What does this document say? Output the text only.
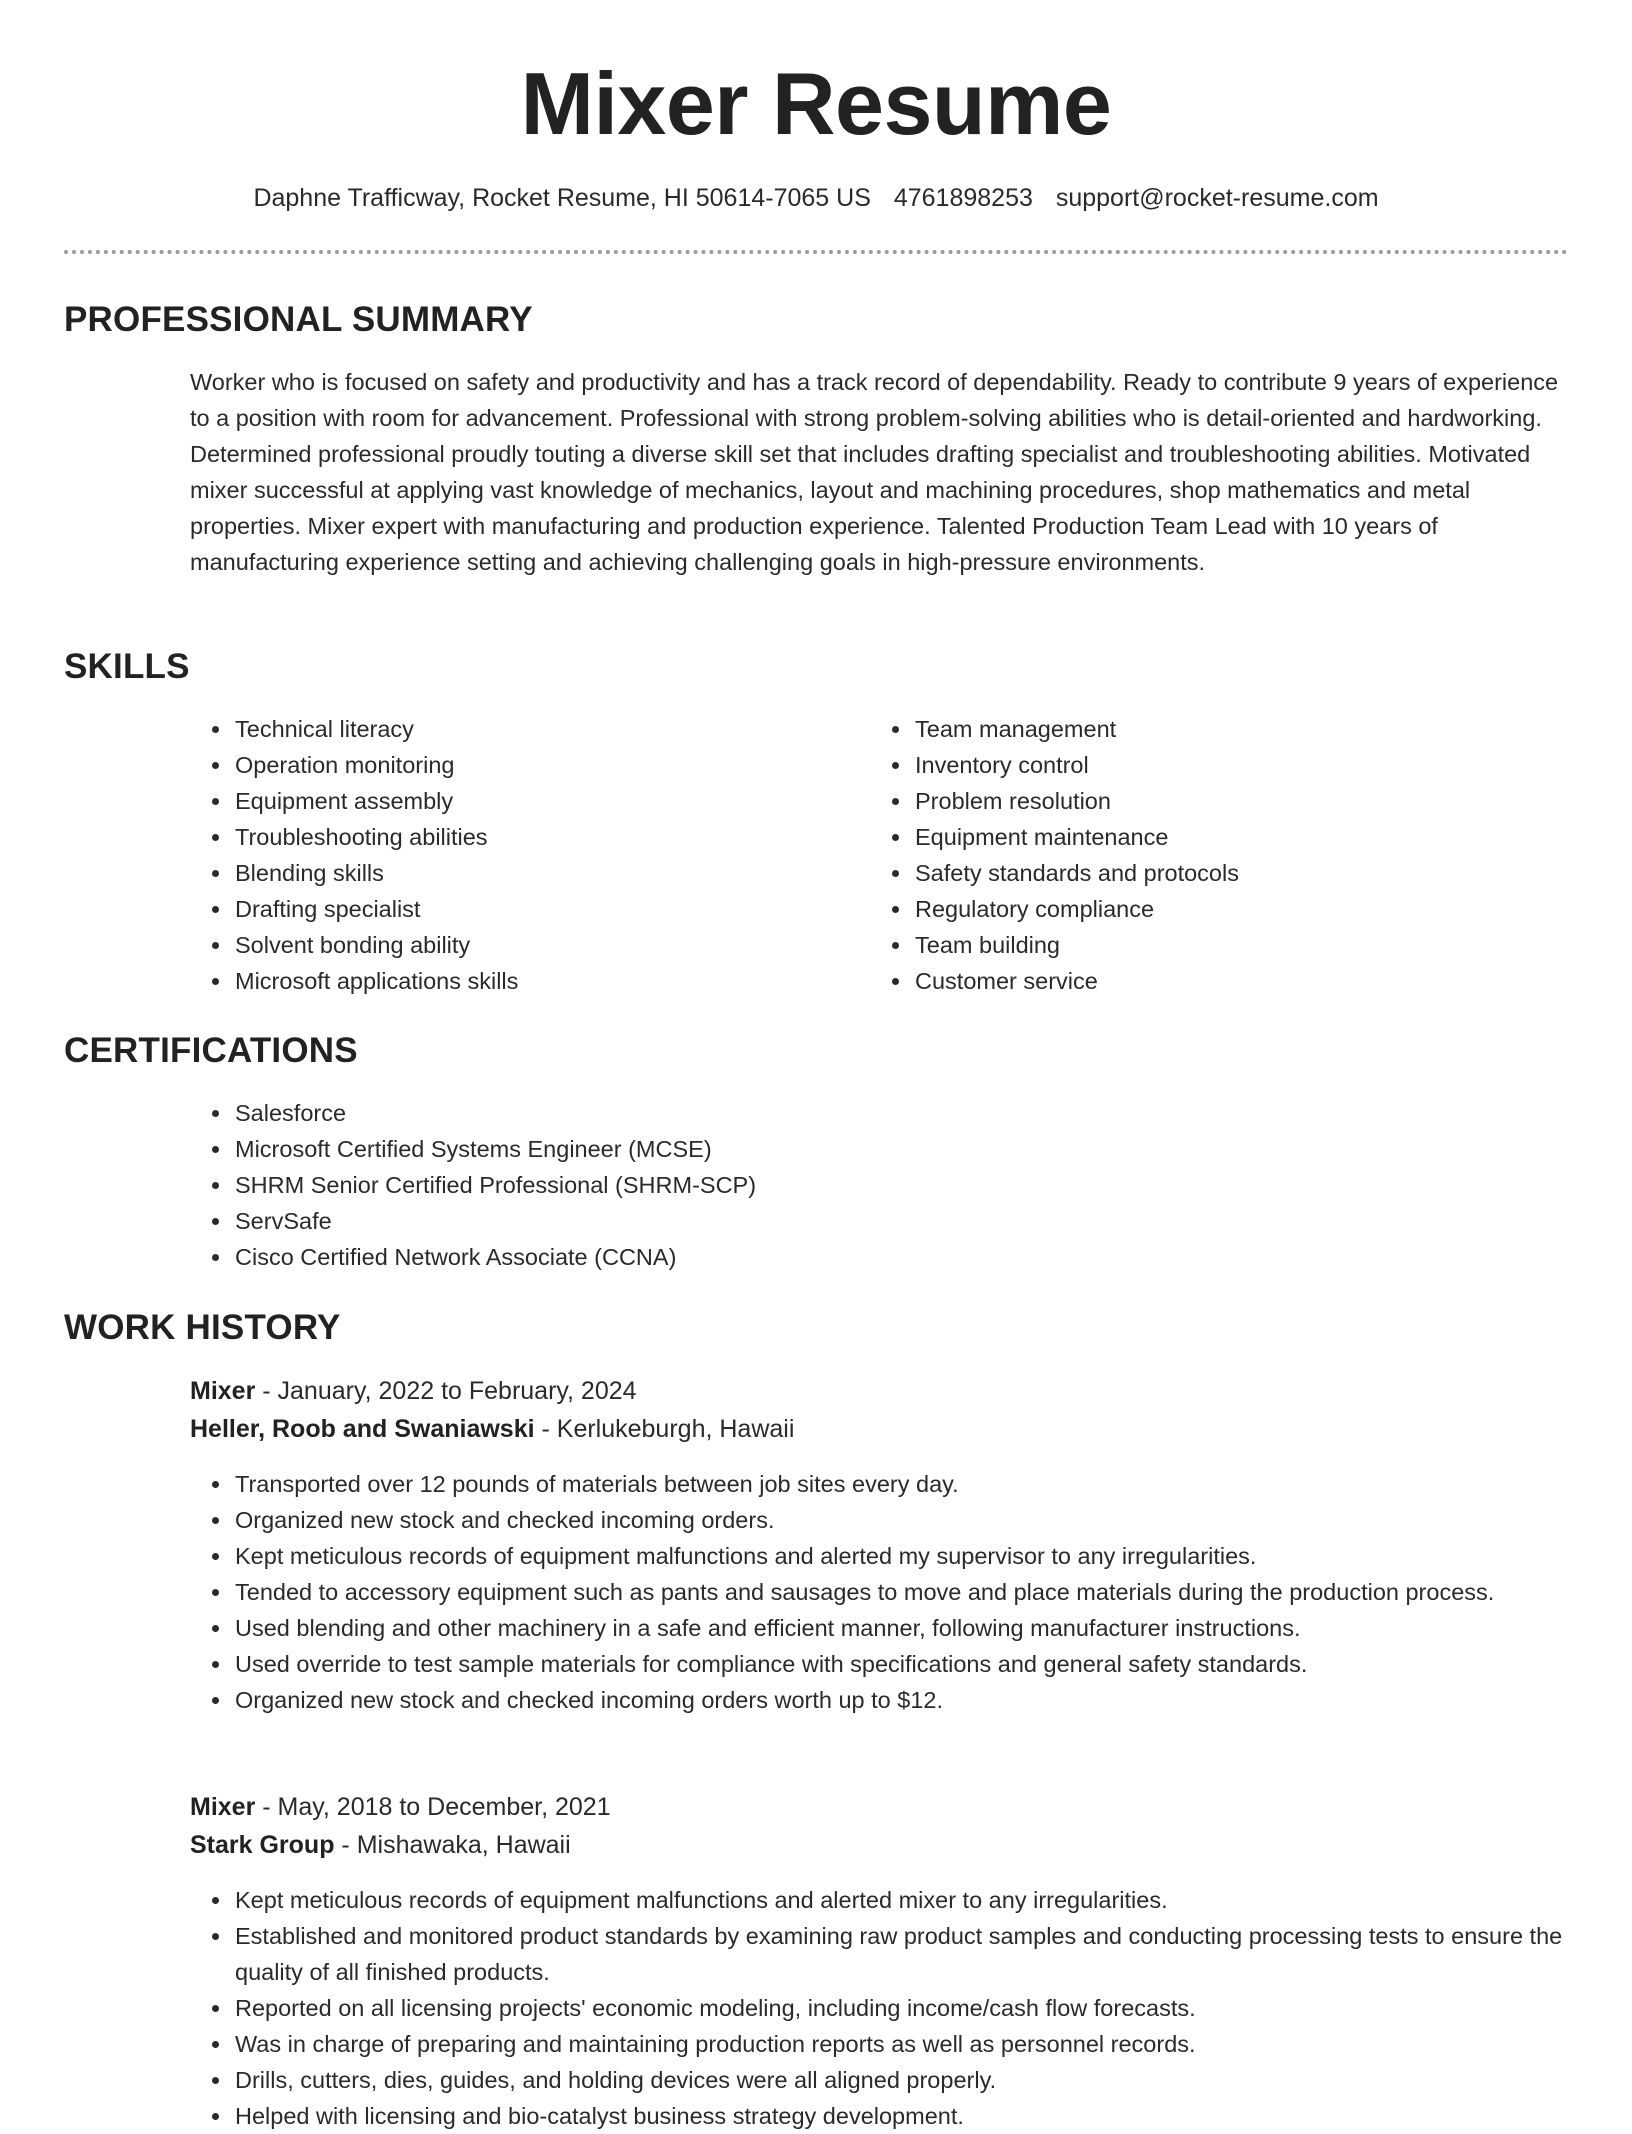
Mixer Resume
Daphne Trafficway, Rocket Resume, HI 50614-7065 US 4761898253 support@rocket-resume.com
PROFESSIONAL SUMMARY
Worker who is focused on safety and productivity and has a track record of dependability. Ready to contribute 9 years of experience to a position with room for advancement. Professional with strong problem-solving abilities who is detail-oriented and hardworking. Determined professional proudly touting a diverse skill set that includes drafting specialist and troubleshooting abilities. Motivated mixer successful at applying vast knowledge of mechanics, layout and machining procedures, shop mathematics and metal properties. Mixer expert with manufacturing and production experience. Talented Production Team Lead with 10 years of manufacturing experience setting and achieving challenging goals in high-pressure environments.
SKILLS
• Technical literacy
• Operation monitoring
• Equipment assembly
• Troubleshooting abilities
• Blending skills
• Drafting specialist
• Solvent bonding ability
• Microsoft applications skills
• Team management
• Inventory control
• Problem resolution
• Equipment maintenance
• Safety standards and protocols
• Regulatory compliance
• Team building
• Customer service
CERTIFICATIONS
• Salesforce
• Microsoft Certified Systems Engineer (MCSE)
• SHRM Senior Certified Professional (SHRM-SCP)
• ServSafe
• Cisco Certified Network Associate (CCNA)
WORK HISTORY
Mixer - January, 2022 to February, 2024
Heller, Roob and Swaniawski - Kerlukeburgh, Hawaii
• Transported over 12 pounds of materials between job sites every day.
• Organized new stock and checked incoming orders.
• Kept meticulous records of equipment malfunctions and alerted my supervisor to any irregularities.
• Tended to accessory equipment such as pants and sausages to move and place materials during the production process.
• Used blending and other machinery in a safe and efficient manner, following manufacturer instructions.
• Used override to test sample materials for compliance with specifications and general safety standards.
• Organized new stock and checked incoming orders worth up to $12.
Mixer - May, 2018 to December, 2021
Stark Group - Mishawaka, Hawaii
• Kept meticulous records of equipment malfunctions and alerted mixer to any irregularities.
• Established and monitored product standards by examining raw product samples and conducting processing tests to ensure the quality of all finished products.
• Reported on all licensing projects' economic modeling, including income/cash flow forecasts.
• Was in charge of preparing and maintaining production reports as well as personnel records.
• Drills, cutters, dies, guides, and holding devices were all aligned properly.
• Helped with licensing and bio-catalyst business strategy development.
